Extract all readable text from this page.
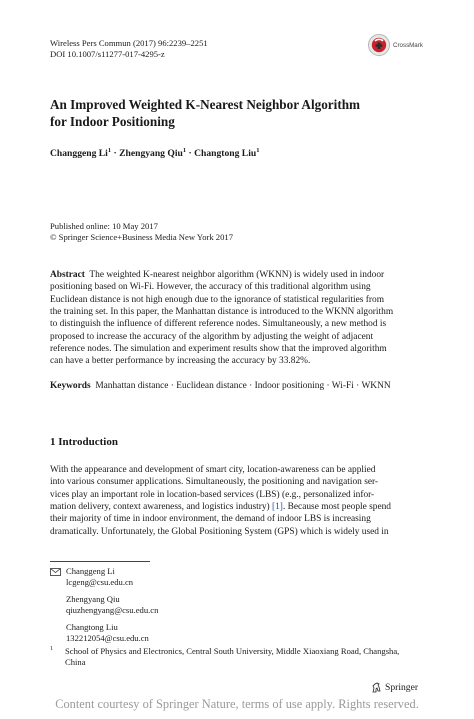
Wireless Pers Commun (2017) 96:2239–2251
DOI 10.1007/s11277-017-4295-z
CrossMark
An Improved Weighted K-Nearest Neighbor Algorithm
for Indoor Positioning
Changgeng $Li^1$ · Zhengyang Qiu$^1$ · Changtong Liu$^1$
Published online: 10 May 2017
© Springer Science+Business Media New York 2017
Abstract The weighted K-nearest neighbor algorithm (WKNN) is widely used in indoor
positioning based on Wi-Fi. However, the accuracy of this traditional algorithm using
Euclidean distance is not high enough due to the ignorance of statistical regularities from
the training set. In this paper, the Manhattan distance is introduced to the WKNN algorithm
to distinguish the influence of different reference nodes. Simultaneously, a new method is
proposed to increase the accuracy of the algorithm by adjusting the weight of adjacent
reference nodes. The simulation and experiment results show that the improved algorithm
can have a better performance by increasing the accuracy by 33.82%.
Keywords Manhattan distance · Euclidean distance · Indoor positioning · Wi-Fi · WKNN
1 Introduction
With the appearance and development of smart city, location-awareness can be applied
into various consumer applications. Simultaneously, the positioning and navigation ser-
vices play an important role in location-based services (LBS) (e.g., personalized infor-
mation delivery, context awareness, and logistics industry) [1]. Because most people spend
their majority of time in indoor environment, the demand of indoor LBS is increasing
dramatically. Unfortunately, the Global Positioning System (GPS) which is widely used in
Changgeng Li
lcgeng@csu.edu.cn
Zhengyang Qiu
qiuzhengyang@csu.edu.cn
Changtong Liu
132212054@csu.edu.cn
1	School of Physics and Electronics, Central South University, Middle Xiaoxiang Road, Changsha,
China
Springer
Content courtesy of Springer Nature, terms of use apply. Rights reserved.
